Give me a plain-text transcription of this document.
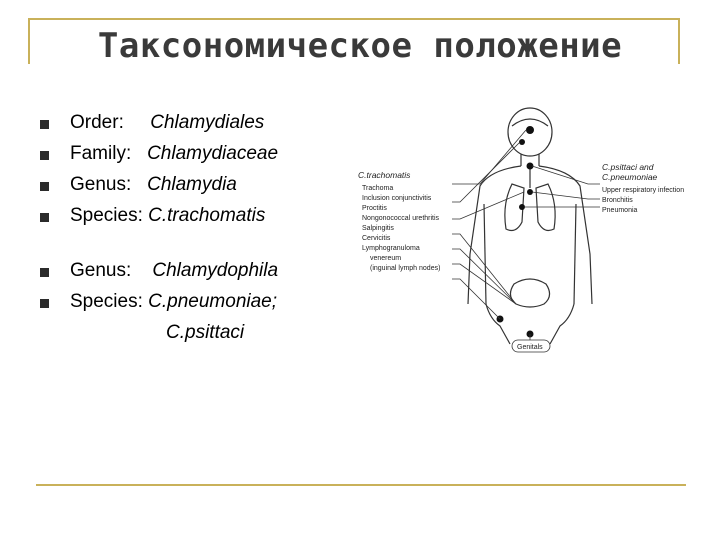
Таксономическое положение
Order: Chlamydiales
Family: Chlamydiaceae
Genus: Chlamydia
Species: C.trachomatis
Genus: Chlamydophila
Species: C.pneumoniae;
C.psittaci
C.trachomatis
Trachoma
Inclusion conjunctivitis
Proctitis
Nongonococcal urethritis
Salpingitis
Cervicitis
Lymphogranuloma
venereum
(inguinal lymph nodes)
C.psittaci and
C.pneumoniae
Upper respiratory infection
Bronchitis
Pneumonia
Genitals
